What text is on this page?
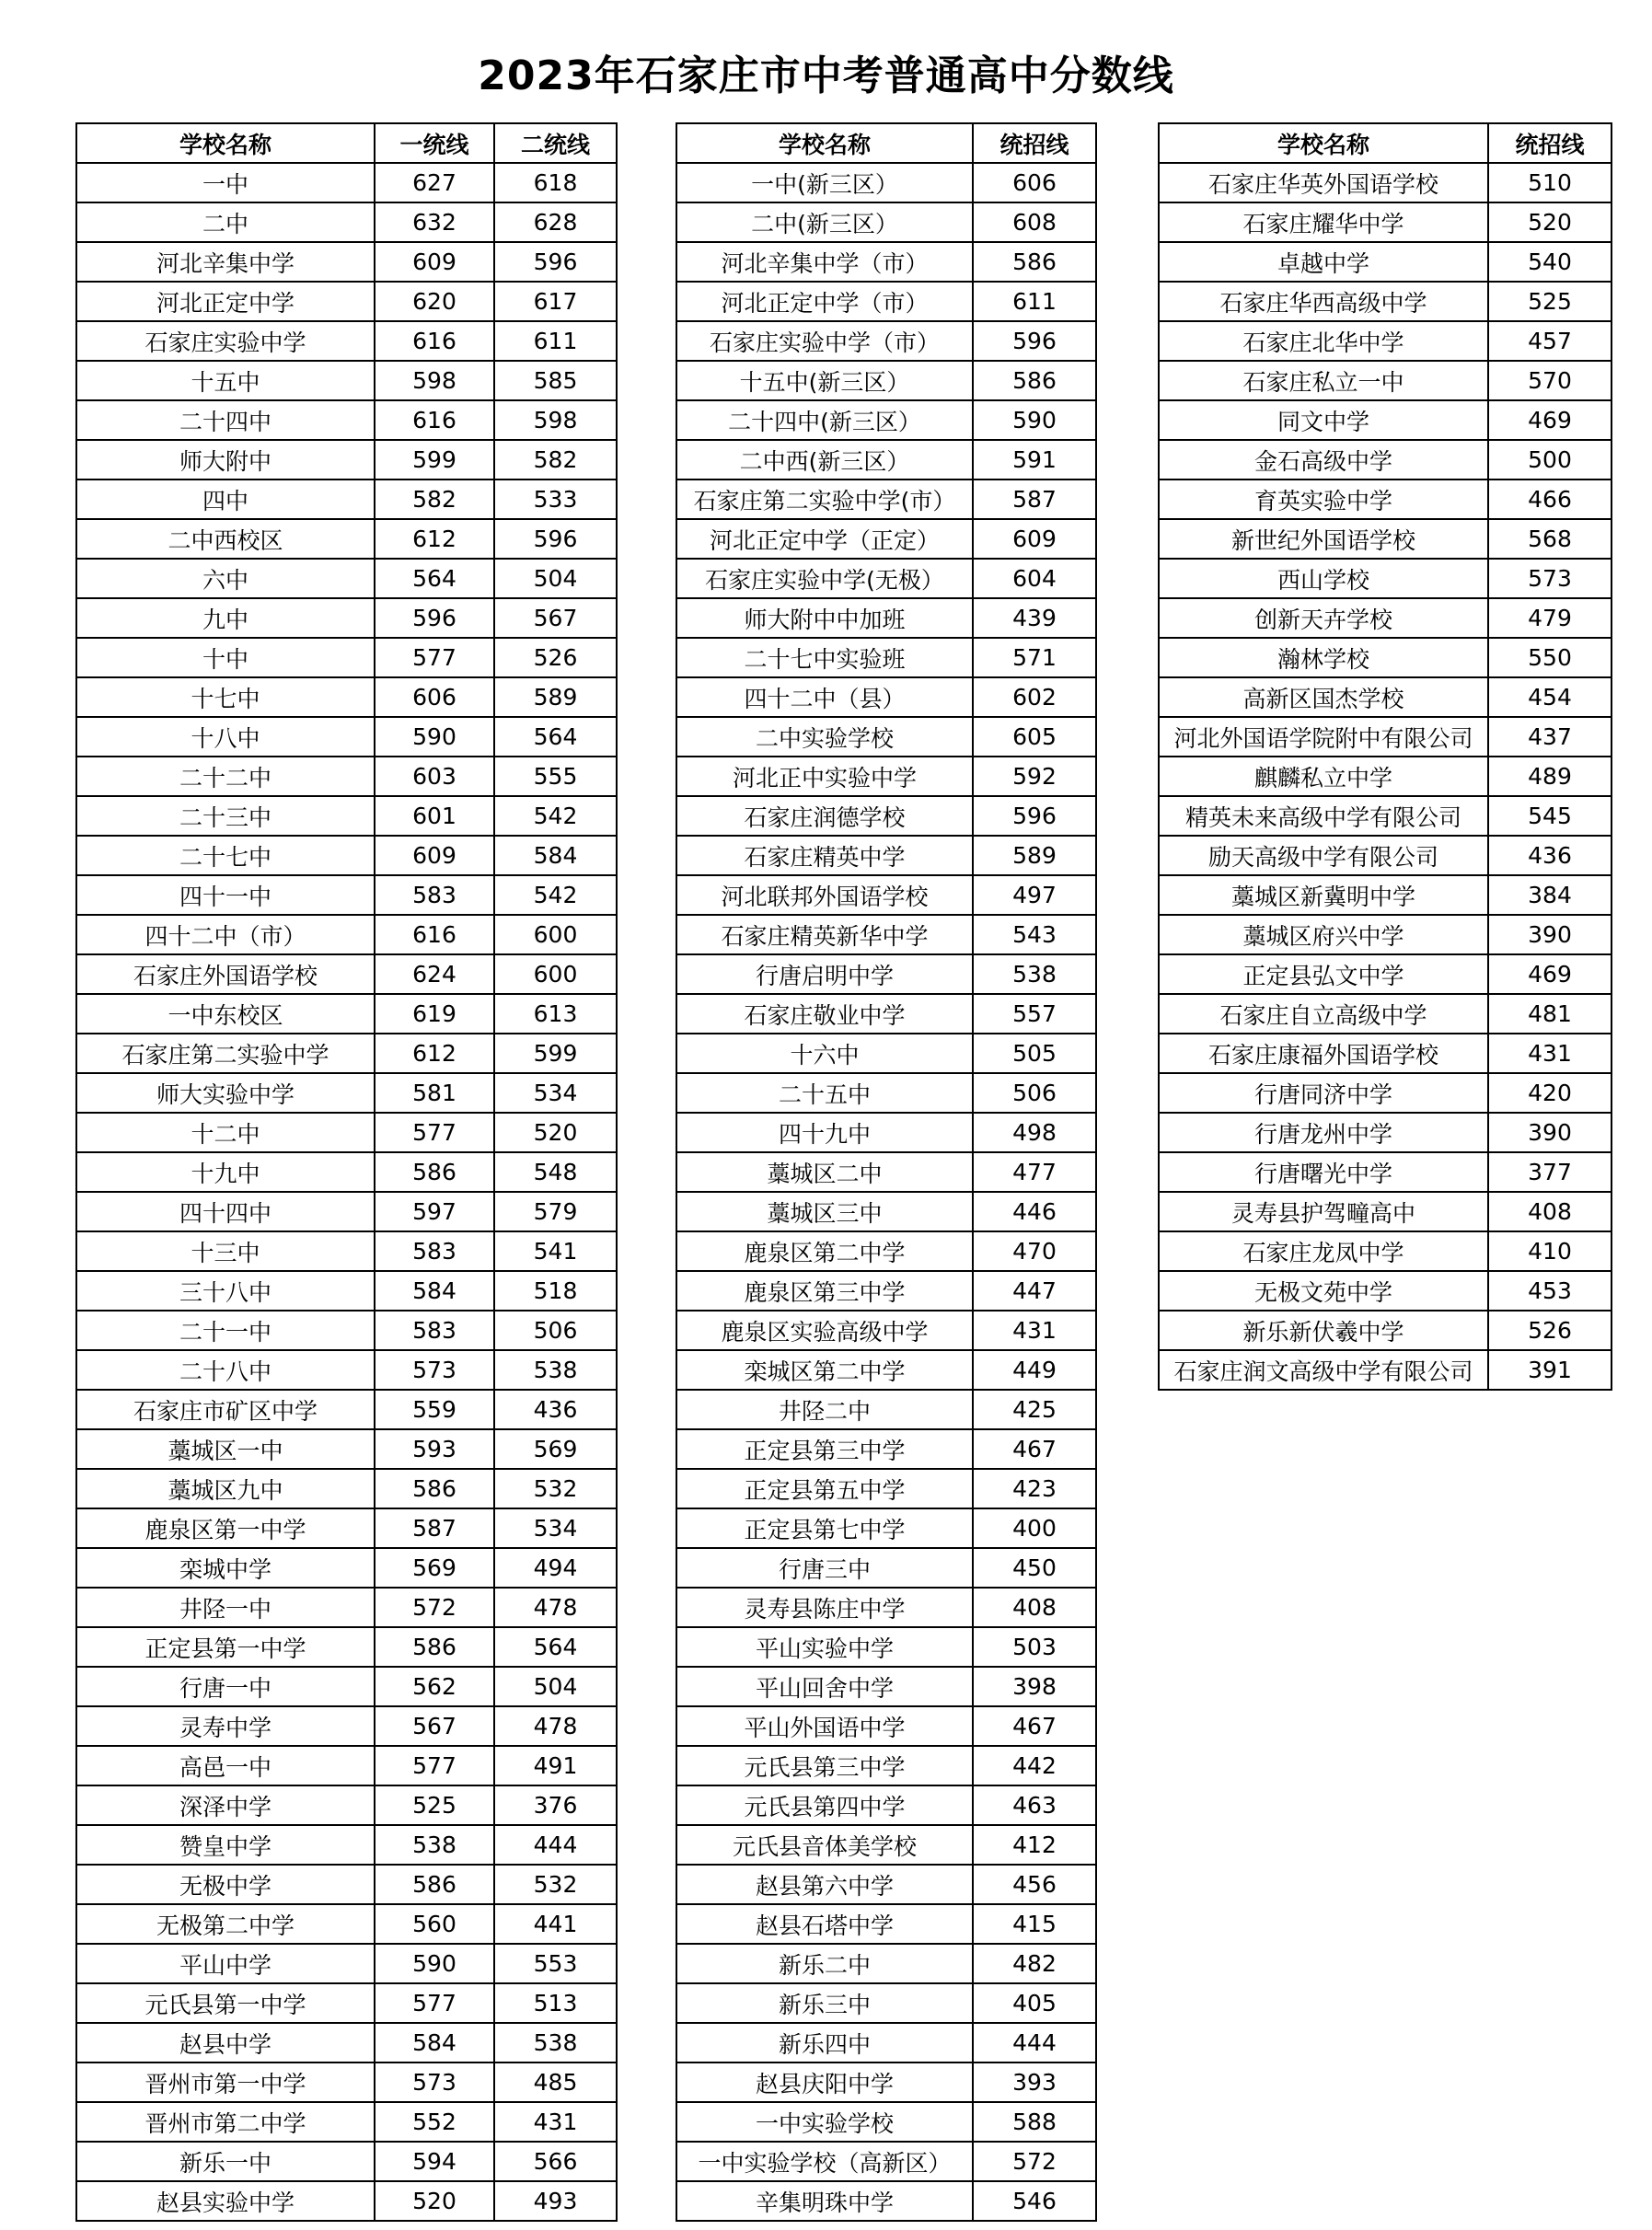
2023年石家庄市中考普通高中分数线
学校名称	一统线	二统线
一中	627	618
二中	632	628
河北辛集中学	609	596
河北正定中学	620	617
石家庄实验中学	616	611
十五中	598	585
二十四中	616	598
师大附中	599	582
四中	582	533
二中西校区	612	596
六中	564	504
九中	596	567
十中	577	526
十七中	606	589
十八中	590	564
二十二中	603	555
二十三中	601	542
二十七中	609	584
四十一中	583	542
四十二中（市）	616	600
石家庄外国语学校	624	600
一中东校区	619	613
石家庄第二实验中学	612	599
师大实验中学	581	534
十二中	577	520
十九中	586	548
四十四中	597	579
十三中	583	541
三十八中	584	518
二十一中	583	506
二十八中	573	538
石家庄市矿区中学	559	436
藁城区一中	593	569
藁城区九中	586	532
鹿泉区第一中学	587	534
栾城中学	569	494
井陉一中	572	478
正定县第一中学	586	564
行唐一中	562	504
灵寿中学	567	478
高邑一中	577	491
深泽中学	525	376
赞皇中学	538	444
无极中学	586	532
无极第二中学	560	441
平山中学	590	553
元氏县第一中学	577	513
赵县中学	584	538
晋州市第一中学	573	485
晋州市第二中学	552	431
新乐一中	594	566
赵县实验中学	520	493
学校名称	统招线
一中(新三区）	606
二中(新三区）	608
河北辛集中学（市）	586
河北正定中学（市）	611
石家庄实验中学（市）	596
十五中(新三区）	586
二十四中(新三区）	590
二中西(新三区）	591
石家庄第二实验中学(市）	587
河北正定中学（正定）	609
石家庄实验中学(无极）	604
师大附中中加班	439
二十七中实验班	571
四十二中（县）	602
二中实验学校	605
河北正中实验中学	592
石家庄润德学校	596
石家庄精英中学	589
河北联邦外国语学校	497
石家庄精英新华中学	543
行唐启明中学	538
石家庄敬业中学	557
十六中	505
二十五中	506
四十九中	498
藁城区二中	477
藁城区三中	446
鹿泉区第二中学	470
鹿泉区第三中学	447
鹿泉区实验高级中学	431
栾城区第二中学	449
井陉二中	425
正定县第三中学	467
正定县第五中学	423
正定县第七中学	400
行唐三中	450
灵寿县陈庄中学	408
平山实验中学	503
平山回舍中学	398
平山外国语中学	467
元氏县第三中学	442
元氏县第四中学	463
元氏县音体美学校	412
赵县第六中学	456
赵县石塔中学	415
新乐二中	482
新乐三中	405
新乐四中	444
赵县庆阳中学	393
一中实验学校	588
一中实验学校（高新区）	572
辛集明珠中学	546
学校名称	统招线
石家庄华英外国语学校	510
石家庄耀华中学	520
卓越中学	540
石家庄华西高级中学	525
石家庄北华中学	457
石家庄私立一中	570
同文中学	469
金石高级中学	500
育英实验中学	466
新世纪外国语学校	568
西山学校	573
创新天卉学校	479
瀚林学校	550
高新区国杰学校	454
河北外国语学院附中有限公司	437
麒麟私立中学	489
精英未来高级中学有限公司	545
励天高级中学有限公司	436
藁城区新冀明中学	384
藁城区府兴中学	390
正定县弘文中学	469
石家庄自立高级中学	481
石家庄康福外国语学校	431
行唐同济中学	420
行唐龙州中学	390
行唐曙光中学	377
灵寿县护驾疃高中	408
石家庄龙凤中学	410
无极文苑中学	453
新乐新伏羲中学	526
石家庄润文高级中学有限公司	391
